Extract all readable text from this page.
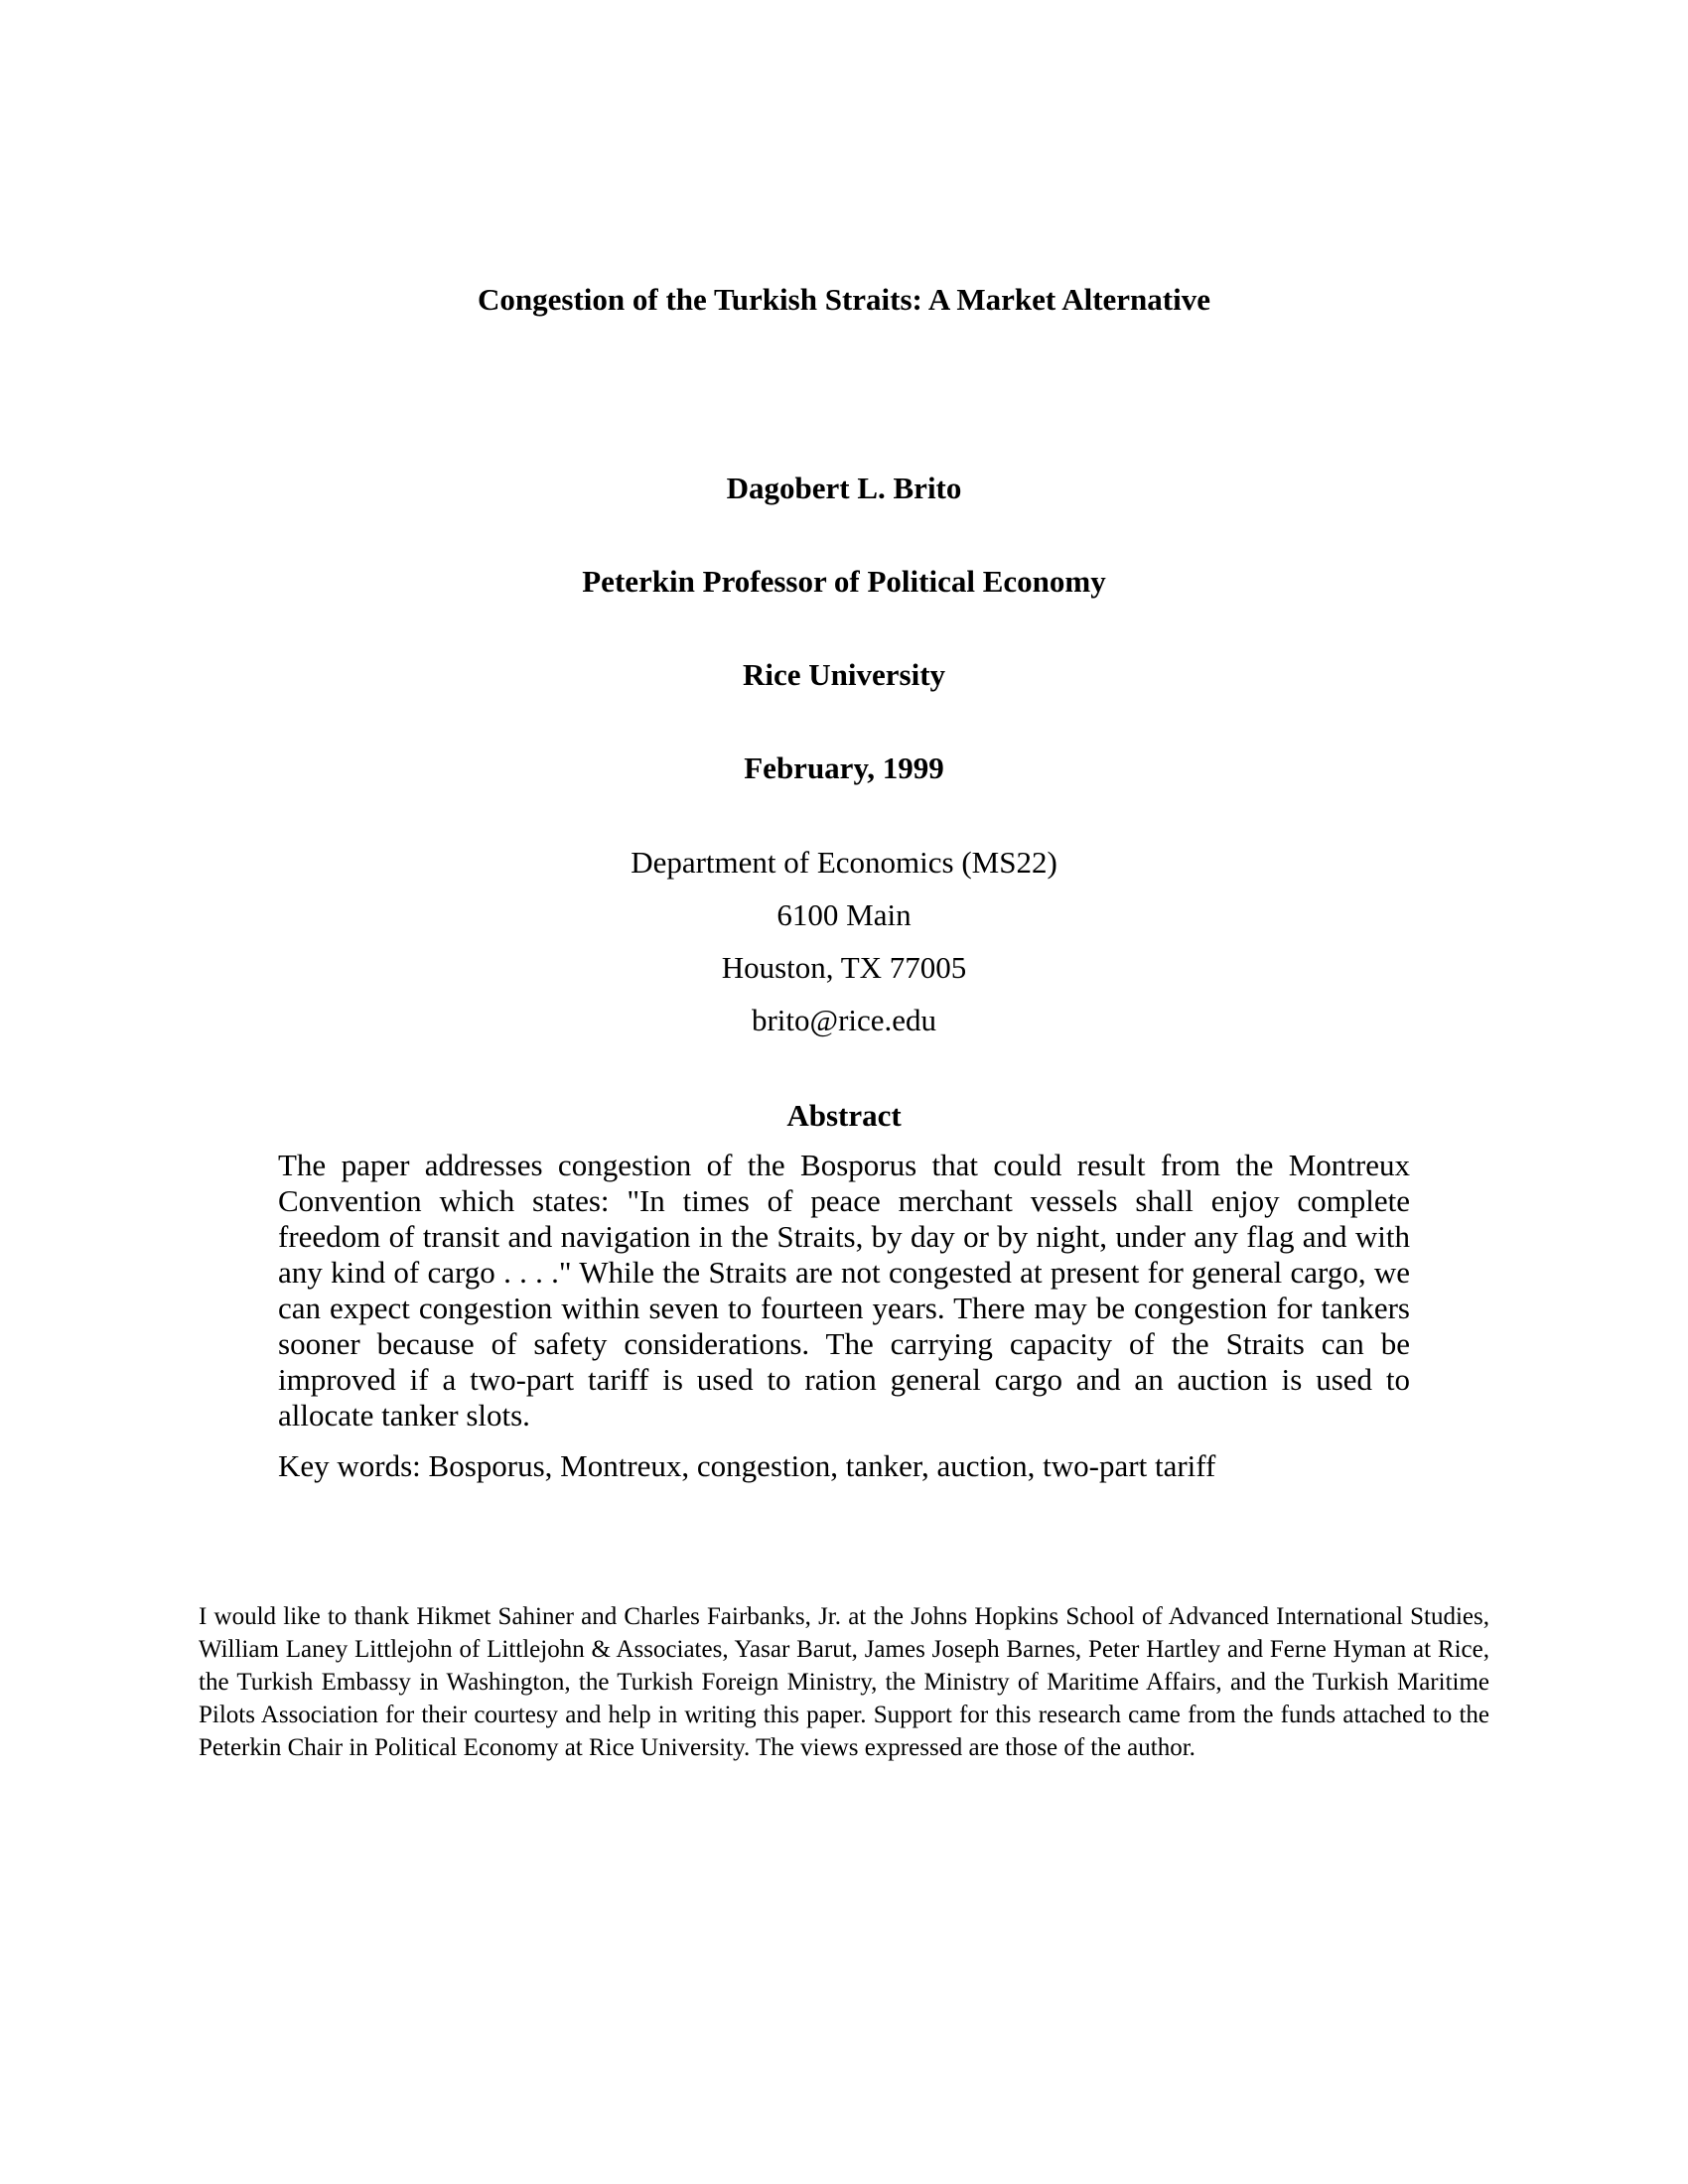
Congestion of the Turkish Straits: A Market Alternative
Dagobert L. Brito
Peterkin Professor of Political Economy
Rice University
February, 1999
Department of Economics (MS22)
6100 Main
Houston, TX 77005
brito@rice.edu
Abstract

The paper addresses congestion of the Bosporus that could result from the Montreux Convention which states: "In times of peace merchant vessels shall enjoy complete freedom of transit and navigation in the Straits, by day or by night, under any flag and with any kind of cargo . . . ." While the Straits are not congested at present for general cargo, we can expect congestion within seven to fourteen years. There may be congestion for tankers sooner because of safety considerations. The carrying capacity of the Straits can be improved if a two-part tariff is used to ration general cargo and an auction is used to allocate tanker slots.

Key words: Bosporus, Montreux, congestion, tanker, auction, two-part tariff

I would like to thank Hikmet Sahiner and Charles Fairbanks, Jr. at the Johns Hopkins School of Advanced International Studies, William Laney Littlejohn of Littlejohn & Associates, Yasar Barut, James Joseph Barnes, Peter Hartley and Ferne Hyman at Rice, the Turkish Embassy in Washington, the Turkish Foreign Ministry, the Ministry of Maritime Affairs, and the Turkish Maritime Pilots Association for their courtesy and help in writing this paper. Support for this research came from the funds attached to the Peterkin Chair in Political Economy at Rice University. The views expressed are those of the author.
